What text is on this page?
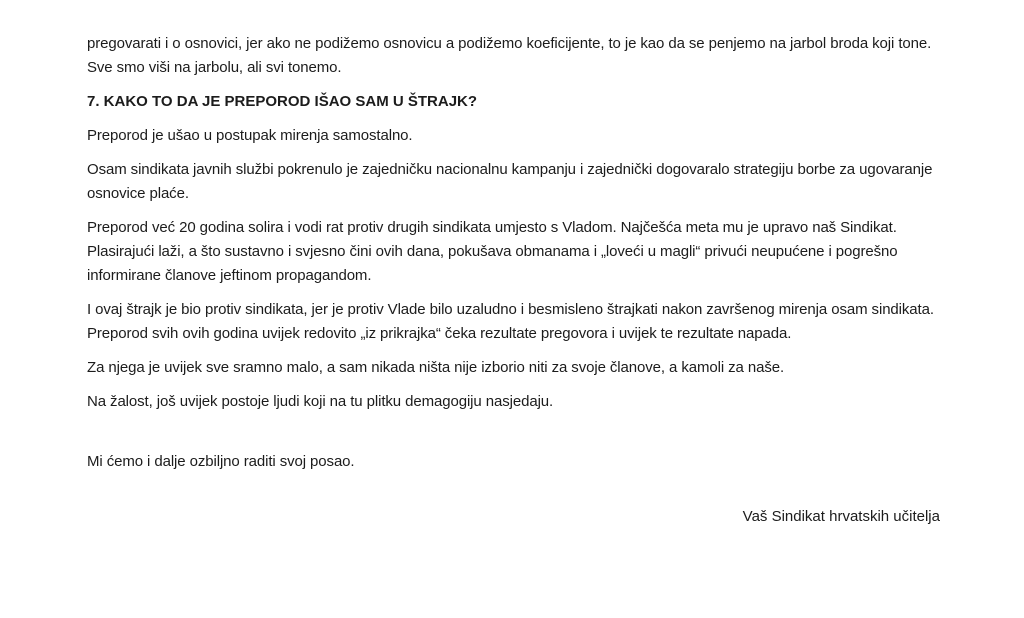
pregovarati i o osnovici, jer ako ne podižemo osnovicu a podižemo koeficijente, to je kao da se penjemo na jarbol broda koji tone. Sve smo viši na jarbolu, ali svi tonemo.

7. KAKO TO DA JE PREPOROD IŠAO SAM U ŠTRAJK?

Preporod je ušao u postupak mirenja samostalno.

Osam sindikata javnih službi pokrenulo je zajedničku nacionalnu kampanju i zajednički dogovaralo strategiju borbe za ugovaranje osnovice plaće.

Preporod već 20 godina solira i vodi rat protiv drugih sindikata umjesto s Vladom. Najčešća meta mu je upravo naš Sindikat. Plasirajući laži, a što sustavno i svjesno čini ovih dana, pokušava obmanama i „loveći u magli“ privući neupućene i pogrešno informirane članove jeftinom propagandom.

I ovaj štrajk je bio protiv sindikata, jer je protiv Vlade bilo uzaludno i besmisleno štrajkati nakon završenog mirenja osam sindikata. Preporod svih ovih godina uvijek redovito „iz prikrajka“ čeka rezultate pregovora i uvijek te rezultate napada.

Za njega je uvijek sve sramno malo, a sam nikada ništa nije izborio niti za svoje članove, a kamoli za naše.

Na žalost, još uvijek postoje ljudi koji na tu plitku demagogiju nasjedaju.

Mi ćemo i dalje ozbiljno raditi svoj posao.

Vaš Sindikat hrvatskih učitelja
